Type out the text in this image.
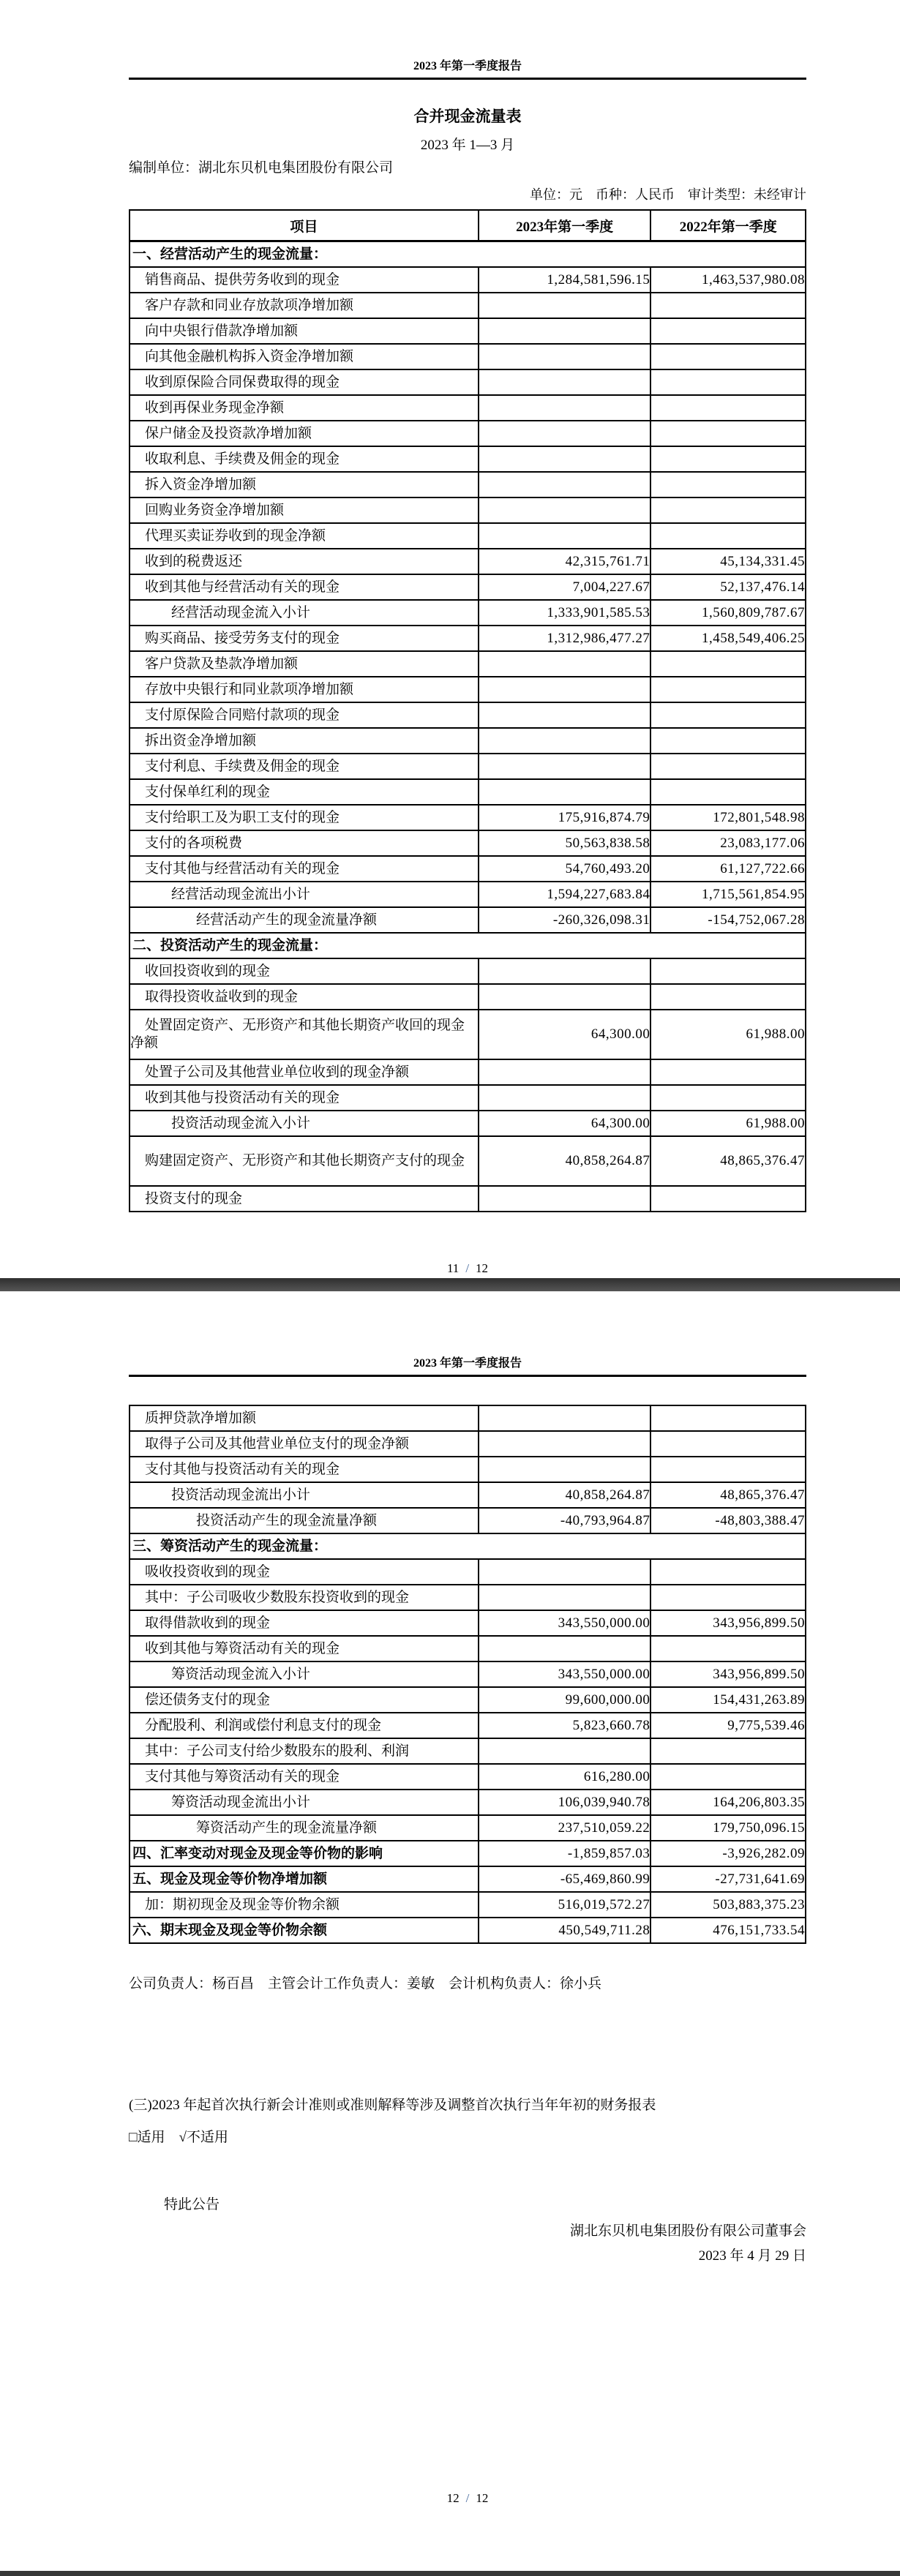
2023 年第一季度报告
合并现金流量表
2023 年 1—3 月
编制单位：湖北东贝机电集团股份有限公司
单位：元　币种：人民币　审计类型：未经审计
项目	2023年第一季度	2022年第一季度
一、经营活动产生的现金流量：		
销售商品、提供劳务收到的现金	1,284,581,596.15	1,463,537,980.08
客户存款和同业存放款项净增加额		
向中央银行借款净增加额		
向其他金融机构拆入资金净增加额		
收到原保险合同保费取得的现金		
收到再保业务现金净额		
保户储金及投资款净增加额		
收取利息、手续费及佣金的现金		
拆入资金净增加额		
回购业务资金净增加额		
代理买卖证券收到的现金净额		
收到的税费返还	42,315,761.71	45,134,331.45
收到其他与经营活动有关的现金	7,004,227.67	52,137,476.14
经营活动现金流入小计	1,333,901,585.53	1,560,809,787.67
购买商品、接受劳务支付的现金	1,312,986,477.27	1,458,549,406.25
客户贷款及垫款净增加额		
存放中央银行和同业款项净增加额		
支付原保险合同赔付款项的现金		
拆出资金净增加额		
支付利息、手续费及佣金的现金		
支付保单红利的现金		
支付给职工及为职工支付的现金	175,916,874.79	172,801,548.98
支付的各项税费	50,563,838.58	23,083,177.06
支付其他与经营活动有关的现金	54,760,493.20	61,127,722.66
经营活动现金流出小计	1,594,227,683.84	1,715,561,854.95
经营活动产生的现金流量净额	-260,326,098.31	-154,752,067.28
二、投资活动产生的现金流量：		
收回投资收到的现金		
取得投资收益收到的现金		
处置固定资产、无形资产和其他长期资产收回的现金净额	64,300.00	61,988.00
处置子公司及其他营业单位收到的现金净额		
收到其他与投资活动有关的现金		
投资活动现金流入小计	64,300.00	61,988.00
购建固定资产、无形资产和其他长期资产支付的现金	40,858,264.87	48,865,376.47
投资支付的现金		
11 / 12
2023 年第一季度报告
质押贷款净增加额		
取得子公司及其他营业单位支付的现金净额		
支付其他与投资活动有关的现金		
投资活动现金流出小计	40,858,264.87	48,865,376.47
投资活动产生的现金流量净额	-40,793,964.87	-48,803,388.47
三、筹资活动产生的现金流量：		
吸收投资收到的现金		
其中：子公司吸收少数股东投资收到的现金		
取得借款收到的现金	343,550,000.00	343,956,899.50
收到其他与筹资活动有关的现金		
筹资活动现金流入小计	343,550,000.00	343,956,899.50
偿还债务支付的现金	99,600,000.00	154,431,263.89
分配股利、利润或偿付利息支付的现金	5,823,660.78	9,775,539.46
其中：子公司支付给少数股东的股利、利润		
支付其他与筹资活动有关的现金	616,280.00	
筹资活动现金流出小计	106,039,940.78	164,206,803.35
筹资活动产生的现金流量净额	237,510,059.22	179,750,096.15
四、汇率变动对现金及现金等价物的影响	-1,859,857.03	-3,926,282.09
五、现金及现金等价物净增加额	-65,469,860.99	-27,731,641.69
加：期初现金及现金等价物余额	516,019,572.27	503,883,375.23
六、期末现金及现金等价物余额	450,549,711.28	476,151,733.54
公司负责人：杨百昌　主管会计工作负责人：姜敏　会计机构负责人：徐小兵
(三)2023 年起首次执行新会计准则或准则解释等涉及调整首次执行当年年初的财务报表
□适用　√不适用
特此公告
湖北东贝机电集团股份有限公司董事会
2023 年 4 月 29 日
12 / 12
